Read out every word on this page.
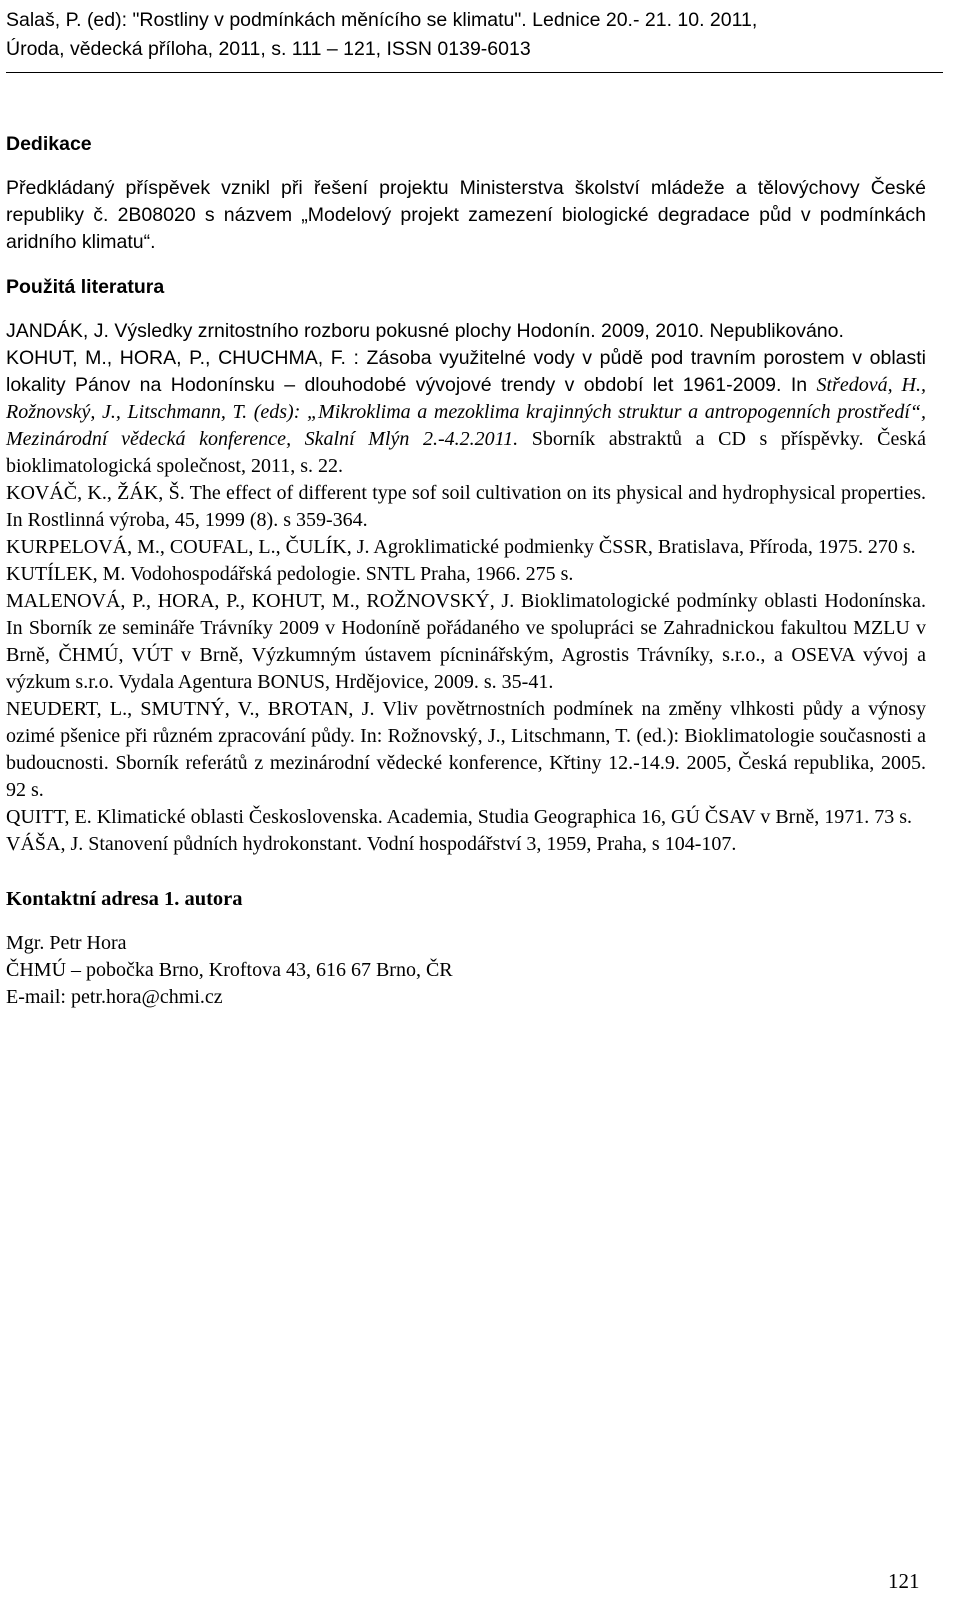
Salaš, P. (ed): "Rostliny v podmínkách měnícího se klimatu". Lednice 20.- 21. 10. 2011,
Úroda, vědecká příloha, 2011, s. 111 – 121, ISSN 0139-6013

Dedikace

Předkládaný příspěvek vznikl při řešení projektu Ministerstva školství mládeže a tělovýchovy České republiky č. 2B08020 s názvem „Modelový projekt zamezení biologické degradace půd v podmínkách aridního klimatu“.

Použitá literatura

JANDÁK, J. Výsledky zrnitostního rozboru pokusné plochy Hodonín. 2009, 2010. Nepublikováno.

KOHUT, M., HORA, P., CHUCHMA, F. : Zásoba využitelné vody v půdě pod travním porostem v oblasti lokality Pánov na Hodonínsku – dlouhodobé vývojové trendy v období let 1961-2009. In Středová, H., Rožnovský, J., Litschmann, T. (eds): „Mikroklima a mezoklima krajinných struktur a antropogenních prostředí“, Mezinárodní vědecká konference, Skalní Mlýn 2.-4.2.2011. Sborník abstraktů a CD s příspěvky. Česká bioklimatologická společnost, 2011, s. 22.

KOVÁČ, K., ŽÁK, Š. The effect of different type sof soil cultivation on its physical and hydrophysical properties. In Rostlinná výroba, 45, 1999 (8). s 359-364.

KURPELOVÁ, M., COUFAL, L., ČULÍK, J. Agroklimatické podmienky ČSSR, Bratislava, Příroda, 1975. 270 s.

KUTÍLEK, M. Vodohospodářská pedologie. SNTL Praha, 1966. 275 s.

MALENOVÁ, P., HORA, P., KOHUT, M., ROŽNOVSKÝ, J. Bioklimatologické podmínky oblasti Hodonínska. In Sborník ze semináře Trávníky 2009 v Hodoníně pořádaného ve spolupráci se Zahradnickou fakultou MZLU v Brně, ČHMÚ, VÚT v Brně, Výzkumným ústavem pícninářským, Agrostis Trávníky, s.r.o., a OSEVA vývoj a výzkum s.r.o. Vydala Agentura BONUS, Hrdějovice, 2009. s. 35-41.

NEUDERT, L., SMUTNÝ, V., BROTAN, J. Vliv povětrnostních podmínek na změny vlhkosti půdy a výnosy ozimé pšenice při různém zpracování půdy. In: Rožnovský, J., Litschmann, T. (ed.): Bioklimatologie současnosti a budoucnosti. Sborník referátů z mezinárodní vědecké konference, Křtiny 12.-14.9. 2005, Česká republika, 2005. 92 s.

QUITT, E. Klimatické oblasti Československa. Academia, Studia Geographica 16, GÚ ČSAV v Brně, 1971. 73 s.

VÁŠA, J. Stanovení půdních hydrokonstant. Vodní hospodářství 3, 1959, Praha, s 104-107.

Kontaktní adresa 1. autora

Mgr. Petr Hora

ČHMÚ – pobočka Brno, Kroftova 43, 616 67 Brno, ČR

E-mail: petr.hora@chmi.cz

121
